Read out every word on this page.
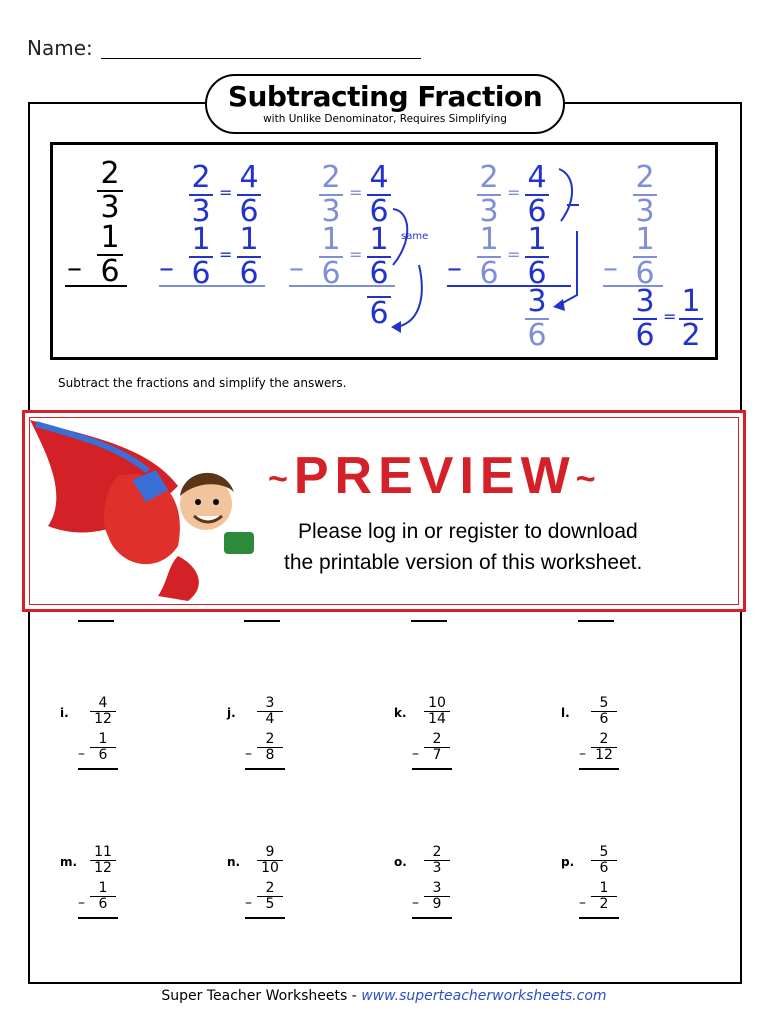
Name:
Subtracting Fraction
with Unlike Denominator, Requires Simplifying
2
3
–
1
6
2
3
= 4
6
–
1
6
= 1
6
2
3
= 4
6
–
1
6
= 1
6
6
same
2
3
= 4
6
–
1
6
= 1
6
3
6
2
3
–
1
6
3
6
= 1
2
Subtract the fractions and simplify the answers.
~PREVIEW~
Please log in or register to download
the printable version of this worksheet.
i.
4
12
–
1
6
j.
3
4
–
2
8
k.
10
14
–
2
7
l.
5
6
–
2
12
m.
11
12
–
1
6
n.
9
10
–
2
5
o.
2
3
–
3
9
p.
5
6
–
1
2
Super Teacher Worksheets - www.superteacherworksheets.com
